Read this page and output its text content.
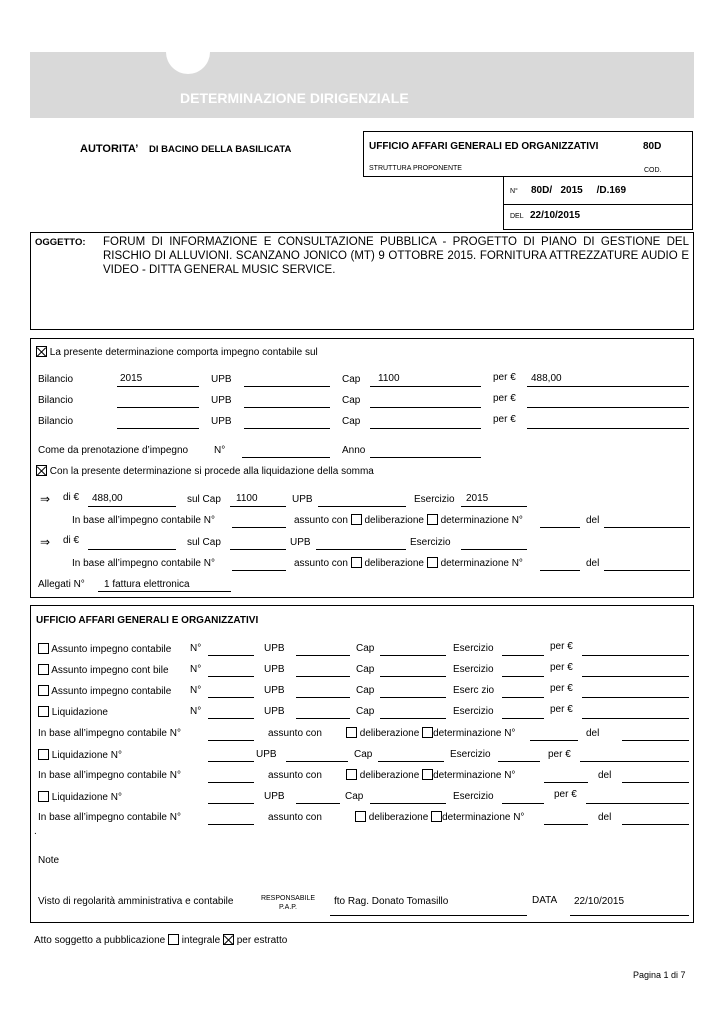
DETERMINAZIONE DIRIGENZIALE
AUTORITA’ DI BACINO DELLA BASILICATA	UFFICIO AFFARI GENERALI ED ORGANIZZATIVI	80D
STRUTTURA PROPONENTE	COD.
N° 80D/   2015     /D.169
DEL 22/10/2015
OGGETTO: FORUM DI INFORMAZIONE E CONSULTAZIONE PUBBLICA - PROGETTO DI PIANO DI GESTIONE DEL RISCHIO DI ALLUVIONI. SCANZANO JONICO (MT) 9 OTTOBRE 2015. FORNITURA ATTREZZATURE AUDIO E VIDEO - DITTA GENERAL MUSIC SERVICE.
La presente determinazione comporta impegno contabile sul
Bilancio	2015	UPB	Cap 1100	per € 488,00
Bilancio	UPB	Cap	per €
Bilancio	UPB	Cap	per €
Come da prenotazione d’impegno	N°	Anno
Con la presente determinazione si procede alla liquidazione della somma
⇒ di € 488,00	sul Cap 1100	UPB	Esercizio 2015
In base all’impegno contabile N°	assunto con deliberazione determinazione N°	del
⇒ di €	sul Cap	UPB	Esercizio
In base all’impegno contabile N°	assunto con deliberazione determinazione N°	del
Allegati N° 1 fattura elettronica
UFFICIO AFFARI GENERALI E ORGANIZZATIVI
Assunto impegno contabile N°	UPB	Cap	Esercizio	per €
Assunto impegno cont bile N°	UPB	Cap	Esercizio	per €
Assunto impegno contabile N°	UPB	Cap	Eserc zio	per €
Liquidazione	N°	UPB	Cap	Esercizio	per €
In base all’impegno contabile N°	assunto con	deliberazione determinazione N°	del
Liquidazione N°	UPB	Cap	Esercizio	per €
In base all’impegno contabile N°	assunto con	deliberazione determinazione N°	del
Liquidazione N°	UPB	Cap	Esercizio	per €
In base all’impegno contabile N°	assunto con	deliberazione determinazione N°	del
.
Note
Visto di regolarità amministrativa e contabile	RESPONSABILE
P.A.P.
fto Rag. Donato Tomasillo	DATA 22/10/2015
Atto soggetto a pubblicazione integrale per estratto
Pagina 1 di 7
